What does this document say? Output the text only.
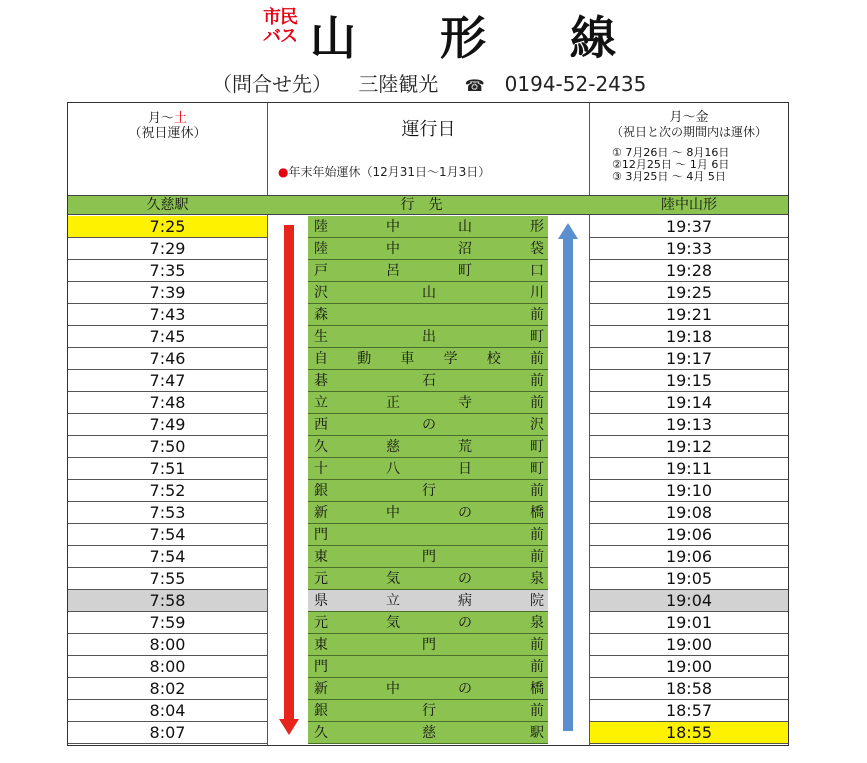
市民
バス 山 形 線
（問合せ先） 三陸観光 ☎ 0194-52-2435
月〜土
（祝日運休）	運行日
●年末年始運休（12月31日〜1月3日）
月〜金
（祝日と次の期間内は運休）
① 7月26日 〜 8月16日
②12月25日 〜 1月 6日
③ 3月25日 〜 4月 5日
久慈駅	行先	陸中山形
7:25	陸	中	山	形	19:37
7:29	陸	中	沼	袋	19:33
7:35	戸	呂	町	口	19:28
7:39	沢	山	川	19:25
7:43	森	前	19:21
7:45	生	出	町	19:18
7:46	自 動 車 学 校 前	19:17
7:47	碁	石	前	19:15
7:48	立	正	寺	前	19:14
7:49	西	の	沢	19:13
7:50	久	慈	荒	町	19:12
7:51	十	八	日	町	19:11
7:52	銀	行	前	19:10
7:53	新	中	の	橋	19:08
7:54	門	前	19:06
7:54	東	門	前	19:06
7:55	元	気	の	泉	19:05
7:58	県	立	病	院	19:04
7:59	元	気	の	泉	19:01
8:00	東	門	前	19:00
8:00	門	前	19:00
8:02	新	中	の	橋	18:58
8:04	銀	行	前	18:57
8:07	久	慈	駅	18:55
